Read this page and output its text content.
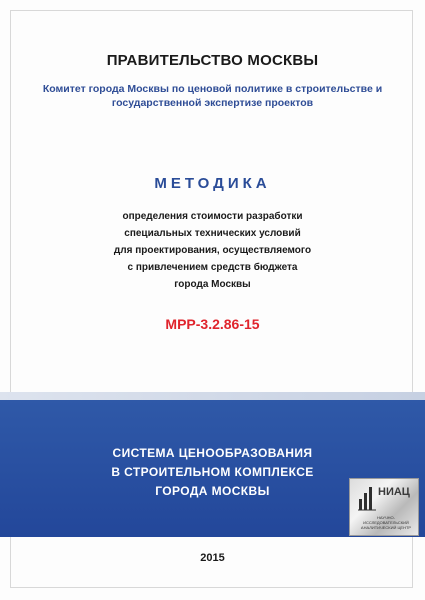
ПРАВИТЕЛЬСТВО МОСКВЫ
Комитет города Москвы по ценовой политике в строительстве и государственной экспертизе проектов
МЕТОДИКА
определения стоимости разработки
специальных технических условий
для проектирования, осуществляемого
с привлечением средств бюджета
города Москвы
МРР-3.2.86-15
СИСТЕМА ЦЕНООБРАЗОВАНИЯ
В СТРОИТЕЛЬНОМ КОМПЛЕКСЕ
ГОРОДА МОСКВЫ	НИАЦ
НАУЧНО-ИССЛЕДОВАТЕЛЬСКИЙ АНАЛИТИЧЕСКИЙ ЦЕНТР
2015
